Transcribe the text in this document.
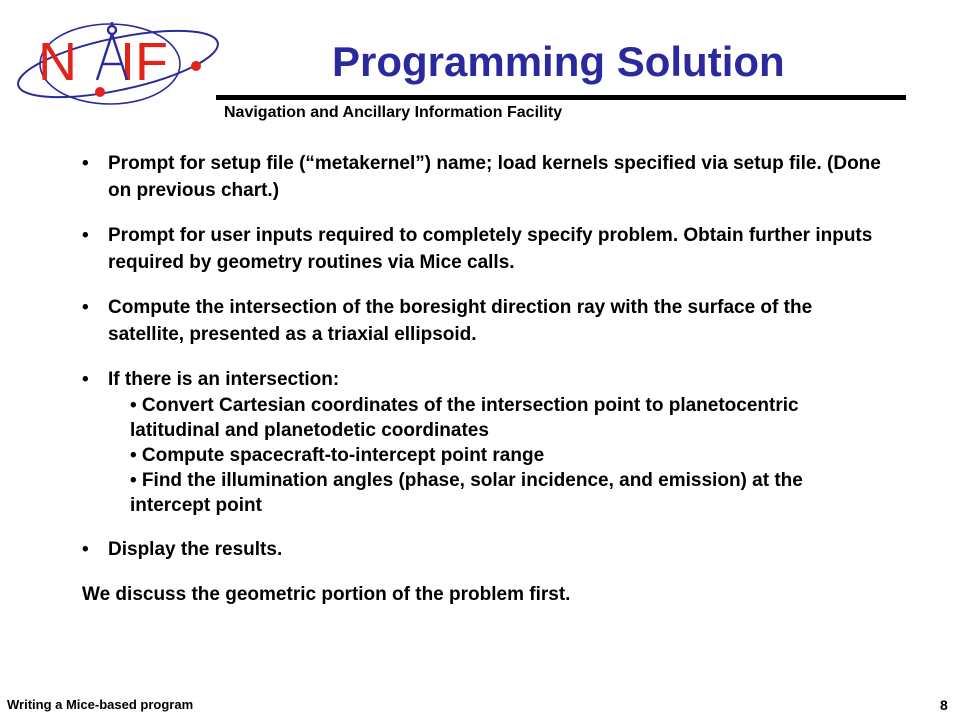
N IF	Programming Solution
Navigation and Ancillary Information Facility
• Prompt for setup file (“metakernel”) name; load kernels specified via setup file. (Done on previous chart.)
• Prompt for user inputs required to completely specify problem. Obtain further inputs required by geometry routines via Mice calls.
• Compute the intersection of the boresight direction ray with the surface of the satellite, presented as a triaxial ellipsoid.
• If there is an intersection:
• Convert Cartesian coordinates of the intersection point to planetocentric latitudinal and planetodetic coordinates
• Compute spacecraft-to-intercept point range
• Find the illumination angles (phase, solar incidence, and emission) at the intercept point
• Display the results.
We discuss the geometric portion of the problem first.
Writing a Mice-based program	8
